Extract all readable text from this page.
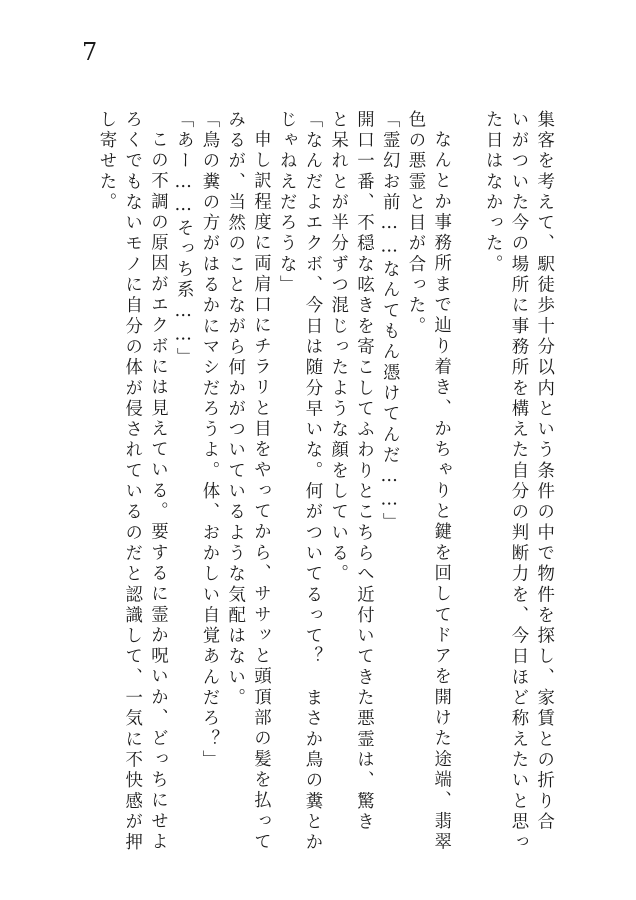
7
集客を考えて、駅徒歩十分以内という条件の中で物件を探し、家賃との折り合
いがついた今の場所に事務所を構えた自分の判断力を、今日ほど称えたいと思っ
た日はなかった。
なんとか事務所まで辿り着き、かちゃりと鍵を回してドアを開けた途端、翡翠
色の悪霊と目が合った。
「霊幻お前……なんてもん憑けてんだ……」
開口一番、不穏な呟きを寄こしてふわりとこちらへ近付いてきた悪霊は、驚き
と呆れとが半分ずつ混じったような顔をしている。
「なんだよエクボ、今日は随分早いな。何がついてるって？　まさか鳥の糞とか
じゃねえだろうな」
申し訳程度に両肩口にチラリと目をやってから、ササッと頭頂部の髪を払って
みるが、当然のことながら何かがついているような気配はない。
「鳥の糞の方がはるかにマシだろうよ。体、おかしい自覚あんだろ？」
「あー……そっち系……」
この不調の原因がエクボには見えている。要するに霊か呪いか、どっちにせよ
ろくでもないモノに自分の体が侵されているのだと認識して、一気に不快感が押
し寄せた。
